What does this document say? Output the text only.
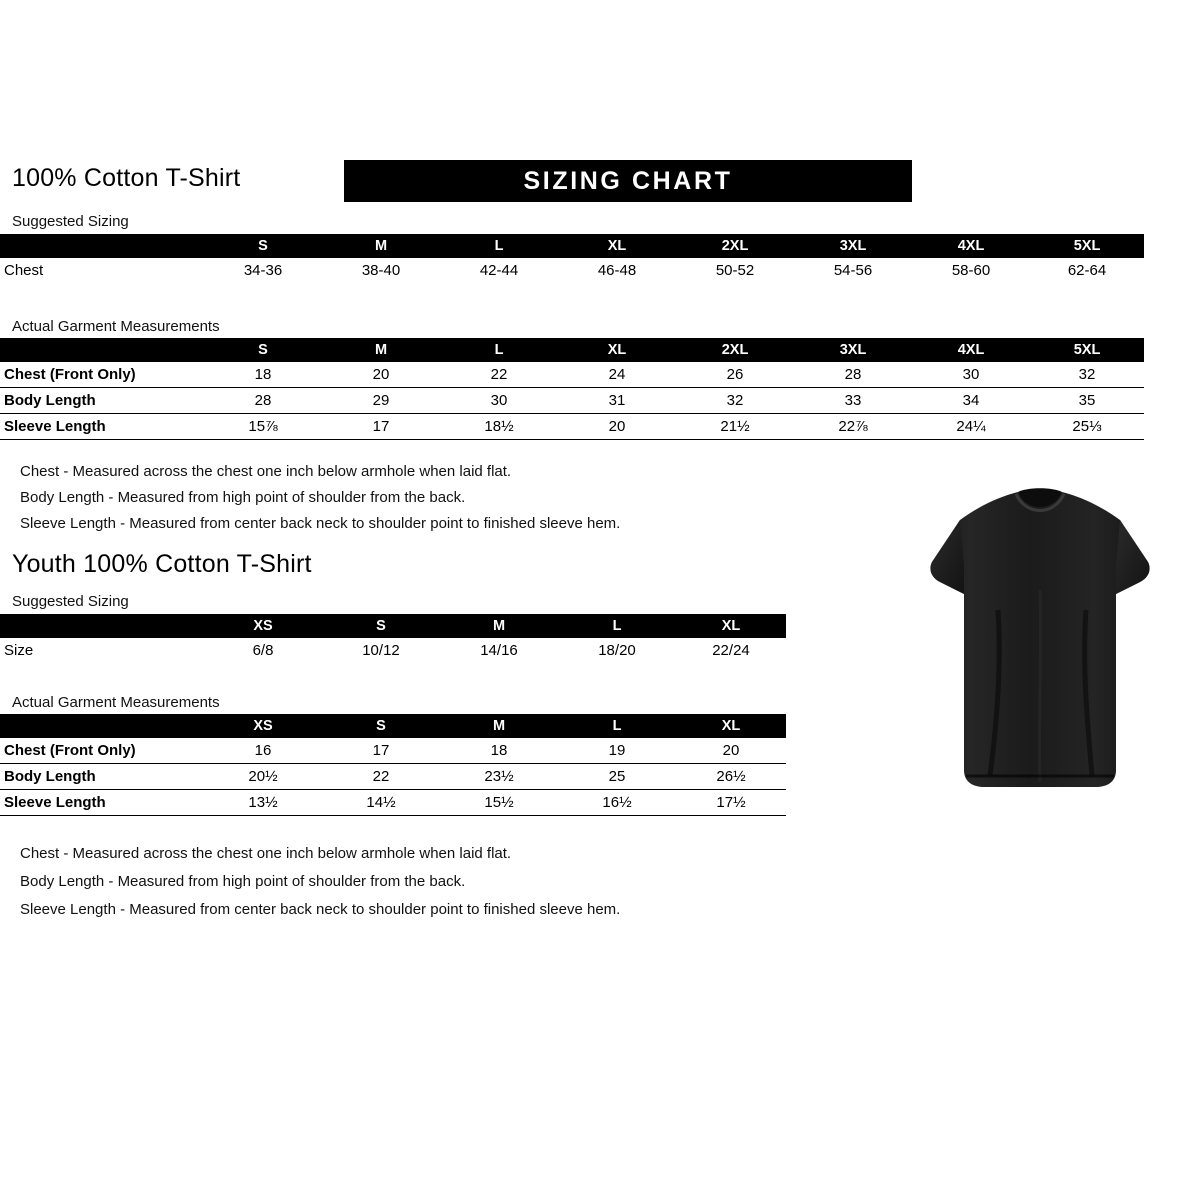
100% Cotton T-Shirt	SIZING CHART
Suggested Sizing
	S	M	L	XL	2XL	3XL	4XL	5XL
Chest	34-36	38-40	42-44	46-48	50-52	54-56	58-60	62-64
Actual Garment Measurements
	S	M	L	XL	2XL	3XL	4XL	5XL
Chest (Front Only)	18	20	22	24	26	28	30	32
Body Length	28	29	30	31	32	33	34	35
Sleeve Length	15⅞	17	18½	20	21½	22⅞	24¼	25⅓
Chest - Measured across the chest one inch below armhole when laid flat.
Body Length - Measured from high point of shoulder from the back.
Sleeve Length - Measured from center back neck to shoulder point to finished sleeve hem.
Youth 100% Cotton T-Shirt
Suggested Sizing
	XS	S	M	L	XL
Size	6/8	10/12	14/16	18/20	22/24
Actual Garment Measurements
	XS	S	M	L	XL
Chest (Front Only)	16	17	18	19	20
Body Length	20½	22	23½	25	26½
Sleeve Length	13½	14½	15½	16½	17½
Chest - Measured across the chest one inch below armhole when laid flat.
Body Length - Measured from high point of shoulder from the back.
Sleeve Length - Measured from center back neck to shoulder point to finished sleeve hem.
